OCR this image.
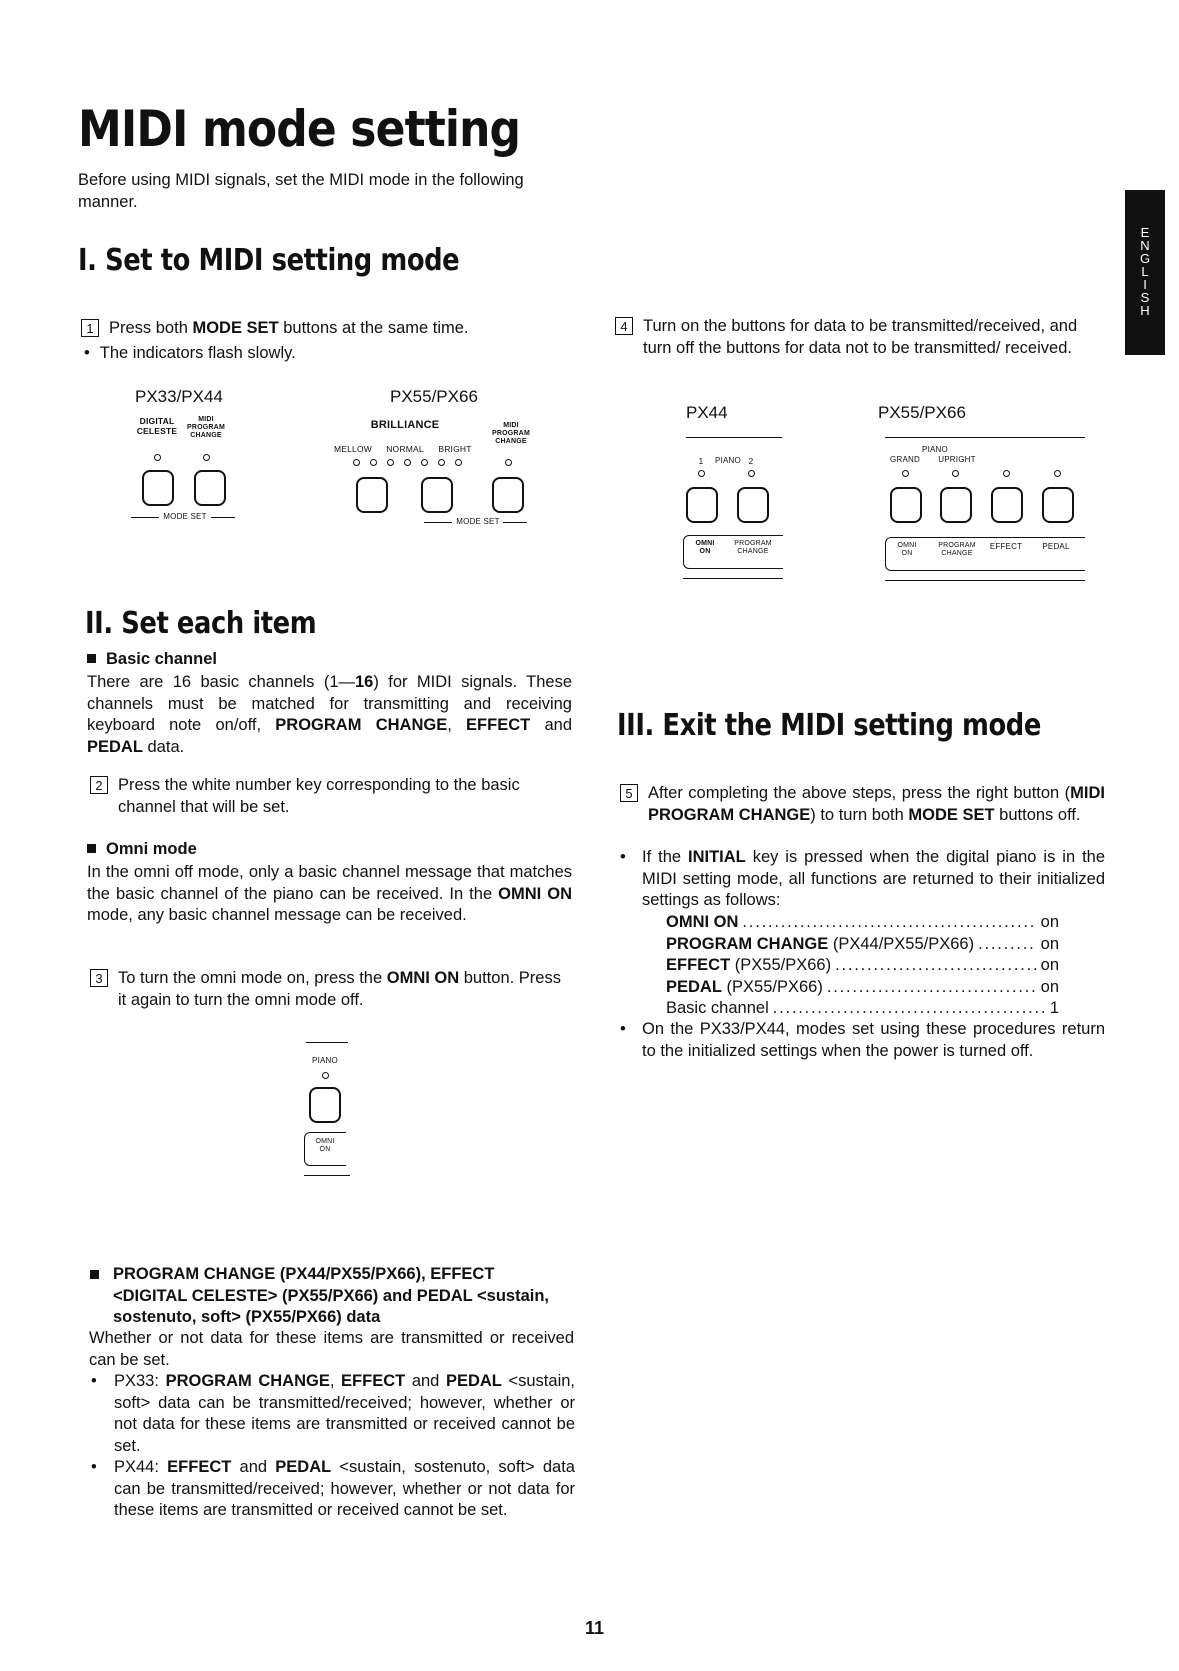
E
N
G
L
I
S
H
MIDI mode setting
Before using MIDI signals, set the MIDI mode in the following manner.
I. Set to MIDI setting mode
1 Press both MODE SET buttons at the same time.
• The indicators flash slowly.
PX33/PX44
DIGITAL
CELESTE
MIDI
PROGRAM
CHANGE
MODE SET
PX55/PX66
BRILLIANCE	MIDI
PROGRAM
CHANGE
MELLOW	NORMAL	BRIGHT
MODE SET
4 Turn on the buttons for data to be transmitted/received, and turn off the buttons for data not to be transmitted/ received.
PX44
1	PIANO 2
OMNI
ON
PROGRAM
CHANGE
PX55/PX66
PIANO
GRAND	UPRIGHT
OMNI
ON
PROGRAM
CHANGE
EFFECT	PEDAL
II. Set each item
Basic channel
There are 16 basic channels (1—16) for MIDI signals. These channels must be matched for transmitting and receiving keyboard note on/off, PROGRAM CHANGE, EFFECT and PEDAL data.
2 Press the white number key corresponding to the basic channel that will be set.
Omni mode
In the omni off mode, only a basic channel message that matches the basic channel of the piano can be received. In the OMNI ON mode, any basic channel message can be received.
3 To turn the omni mode on, press the OMNI ON button. Press it again to turn the omni mode off.
PIANO
OMNI
ON
PROGRAM CHANGE (PX44/PX55/PX66), EFFECT <DIGITAL CELESTE> (PX55/PX66) and PEDAL <sustain, sostenuto, soft> (PX55/PX66) data
Whether or not data for these items are transmitted or received can be set.
•	PX33: PROGRAM CHANGE, EFFECT and PEDAL <sustain, soft> data can be transmitted/received; however, whether or not data for these items are transmitted or received cannot be set.
•	PX44: EFFECT and PEDAL <sustain, sostenuto, soft> data can be transmitted/received; however, whether or not data for these items are transmitted or received cannot be set.
III. Exit the MIDI setting mode
5 After completing the above steps, press the right button (MIDI PROGRAM CHANGE) to turn both MODE SET buttons off.
• If the INITIAL key is pressed when the digital piano is in the MIDI setting mode, all functions are returned to their initialized settings as follows:
OMNI ON .....	on
PROGRAM CHANGE (PX44/PX55/PX66) .....	on
EFFECT (PX55/PX66) .....	on
PEDAL (PX55/PX66) .....	on
Basic channel .....	1
• On the PX33/PX44, modes set using these procedures return to the initialized settings when the power is turned off.
11
